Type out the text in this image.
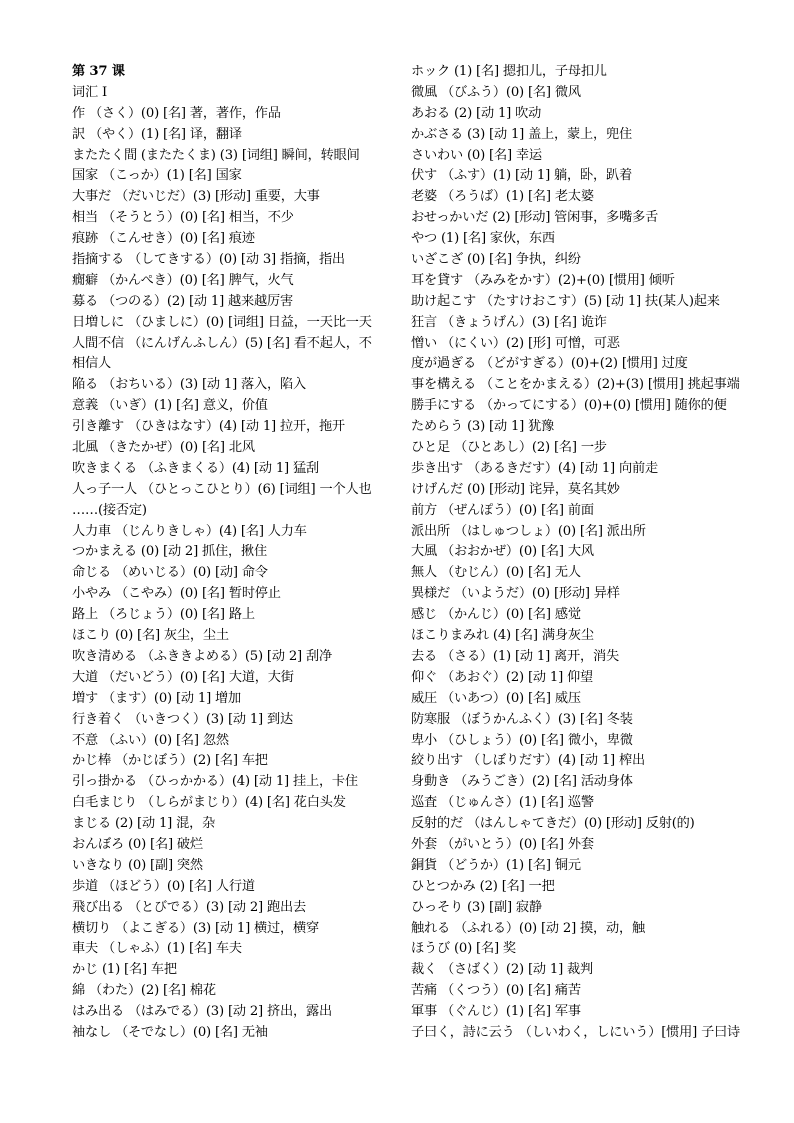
第 37 课
词汇 I
作 （さく）(0) [名] 著，著作，作品
訳 （やく）(1) [名] 译，翻译
またたく間 (またたくま) (3) [词组] 瞬间，转眼间
国家 （こっか）(1) [名] 国家
大事だ （だいじだ）(3) [形动] 重要，大事
相当 （そうとう）(0) [名] 相当，不少
痕跡 （こんせき）(0) [名] 痕迹
指摘する （してきする）(0) [动 3] 指摘，指出
癇癖 （かんぺき）(0) [名] 脾气，火气
募る （つのる）(2) [动 1] 越来越厉害
日増しに （ひましに）(0) [词组] 日益，一天比一天
人間不信 （にんげんふしん）(5) [名] 看不起人，不
相信人
陥る （おちいる）(3) [动 1] 落入，陷入
意義 （いぎ）(1) [名] 意义，价值
引き離す （ひきはなす）(4) [动 1] 拉开，拖开
北風 （きたかぜ）(0) [名] 北风
吹きまくる （ふきまくる）(4) [动 1] 猛刮
人っ子一人 （ひとっこひとり）(6) [词组] 一个人也
……(接否定)
人力車 （じんりきしゃ）(4) [名] 人力车
つかまえる (0) [动 2] 抓住，揪住
命じる （めいじる）(0) [动] 命令
小やみ （こやみ）(0) [名] 暂时停止
路上 （ろじょう）(0) [名] 路上
ほこり (0) [名] 灰尘，尘土
吹き清める （ふききよめる）(5) [动 2] 刮净
大道 （だいどう）(0) [名] 大道，大街
増す （ます）(0) [动 1] 增加
行き着く （いきつく）(3) [动 1] 到达
不意 （ふい）(0) [名] 忽然
かじ棒 （かじぼう）(2) [名] 车把
引っ掛かる （ひっかかる）(4) [动 1] 挂上，卡住
白毛まじり （しらがまじり）(4) [名] 花白头发
まじる (2) [动 1] 混，杂
おんぼろ (0) [名] 破烂
いきなり (0) [副] 突然
歩道 （ほどう）(0) [名] 人行道
飛び出る （とびでる）(3) [动 2] 跑出去
横切り （よこぎる）(3) [动 1] 横过，横穿
車夫 （しゃふ）(1) [名] 车夫
かじ (1) [名] 车把
綿 （わた）(2) [名] 棉花
はみ出る （はみでる）(3) [动 2] 挤出，露出
袖なし （そでなし）(0) [名] 无袖
ホック (1) [名] 摁扣儿，子母扣儿
微風 （びふう）(0) [名] 微风
あおる (2) [动 1] 吹动
かぶさる (3) [动 1] 盖上，蒙上，兜住
さいわい (0) [名] 幸运
伏す （ふす）(1) [动 1] 躺，卧，趴着
老婆 （ろうば）(1) [名] 老太婆
おせっかいだ (2) [形动] 管闲事，多嘴多舌
やつ (1) [名] 家伙，东西
いざこざ (0) [名] 争执，纠纷
耳を貸す （みみをかす）(2)+(0) [惯用] 倾听
助け起こす （たすけおこす）(5) [动 1] 扶(某人)起来
狂言 （きょうげん）(3) [名] 诡诈
憎い （にくい）(2) [形] 可憎，可恶
度が過ぎる （どがすぎる）(0)+(2) [惯用] 过度
事を構える （ことをかまえる）(2)+(3) [惯用] 挑起事端
勝手にする （かってにする）(0)+(0) [惯用] 随你的便
ためらう (3) [动 1] 犹豫
ひと足 （ひとあし）(2) [名] 一步
歩き出す （あるきだす）(4) [动 1] 向前走
けげんだ (0) [形动] 诧异，莫名其妙
前方 （ぜんぽう）(0) [名] 前面
派出所 （はしゅつしょ）(0) [名] 派出所
大風 （おおかぜ）(0) [名] 大风
無人 （むじん）(0) [名] 无人
異様だ （いようだ）(0) [形动] 异样
感じ （かんじ）(0) [名] 感觉
ほこりまみれ (4) [名] 满身灰尘
去る （さる）(1) [动 1] 离开，消失
仰ぐ （あおぐ）(2) [动 1] 仰望
威圧 （いあつ）(0) [名] 威压
防寒服 （ぼうかんふく）(3) [名] 冬装
卑小 （ひしょう）(0) [名] 微小，卑微
絞り出す （しぼりだす）(4) [动 1] 榨出
身動き （みうごき）(2) [名] 活动身体
巡査 （じゅんさ）(1) [名] 巡警
反射的だ （はんしゃてきだ）(0) [形动] 反射(的)
外套 （がいとう）(0) [名] 外套
銅貨 （どうか）(1) [名] 铜元
ひとつかみ (2) [名] 一把
ひっそり (3) [副] 寂静
触れる （ふれる）(0) [动 2] 摸，动，触
ほうび (0) [名] 奖
裁く （さばく）(2) [动 1] 裁判
苦痛 （くつう）(0) [名] 痛苦
軍事 （ぐんじ）(1) [名] 军事
子曰く，詩に云う （しいわく，しにいう）[惯用] 子曰诗
